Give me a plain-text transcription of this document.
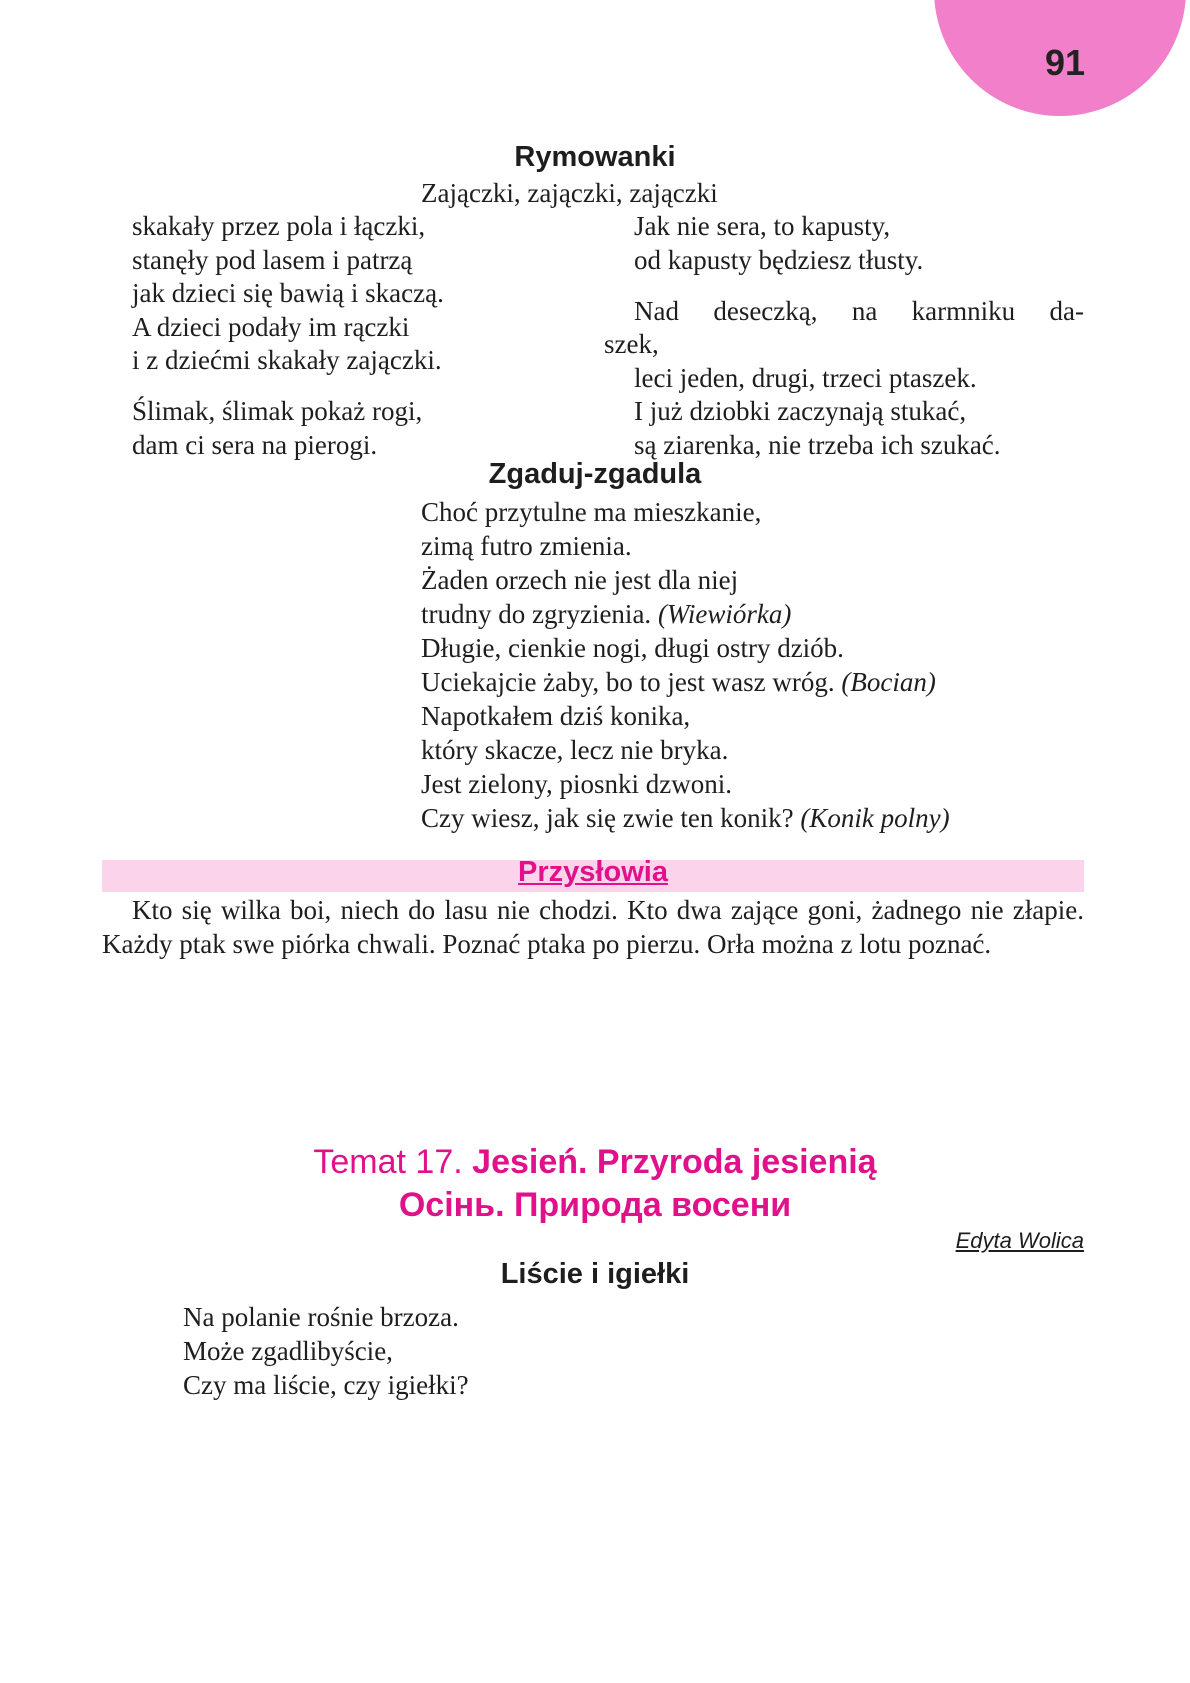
91
Rymowanki

Zajączki, zajączki, zajączki

skakały przez pola i łączki,

stanęły pod lasem i patrzą

jak dzieci się bawią i skaczą.

A dzieci podały im rączki

i z dziećmi skakały zajączki.

Ślimak, ślimak pokaż rogi,

dam ci sera na pierogi.

Jak nie sera, to kapusty,

od kapusty będziesz tłusty.

Nad deseczką, na karmniku da-

szek,

leci jeden, drugi, trzeci ptaszek.

I już dziobki zaczynają stukać,

są ziarenka, nie trzeba ich szukać.

Zgaduj-zgadula

Choć przytulne ma mieszkanie,

zimą futro zmienia.

Żaden orzech nie jest dla niej

trudny do zgryzienia. (Wiewiórka)

Długie, cienkie nogi, długi ostry dziób.

Uciekajcie żaby, bo to jest wasz wróg. (Bocian)

Napotkałem dziś konika,

który skacze, lecz nie bryka.

Jest zielony, piosnki dzwoni.

Czy wiesz, jak się zwie ten konik? (Konik polny)

Przysłowia

Kto się wilka boi, niech do lasu nie chodzi. Kto dwa zające goni, żadnego nie złapie. Każdy ptak swe piórka chwali. Poznać ptaka po pierzu. Orła można z lotu poznać.

Temat 17. Jesień. Przyroda jesienią
Осінь. Природа восени

Edyta Wolica

Liście i igiełki

Na polanie rośnie brzoza.

Może zgadlibyście,

Czy ma liście, czy igiełki?
